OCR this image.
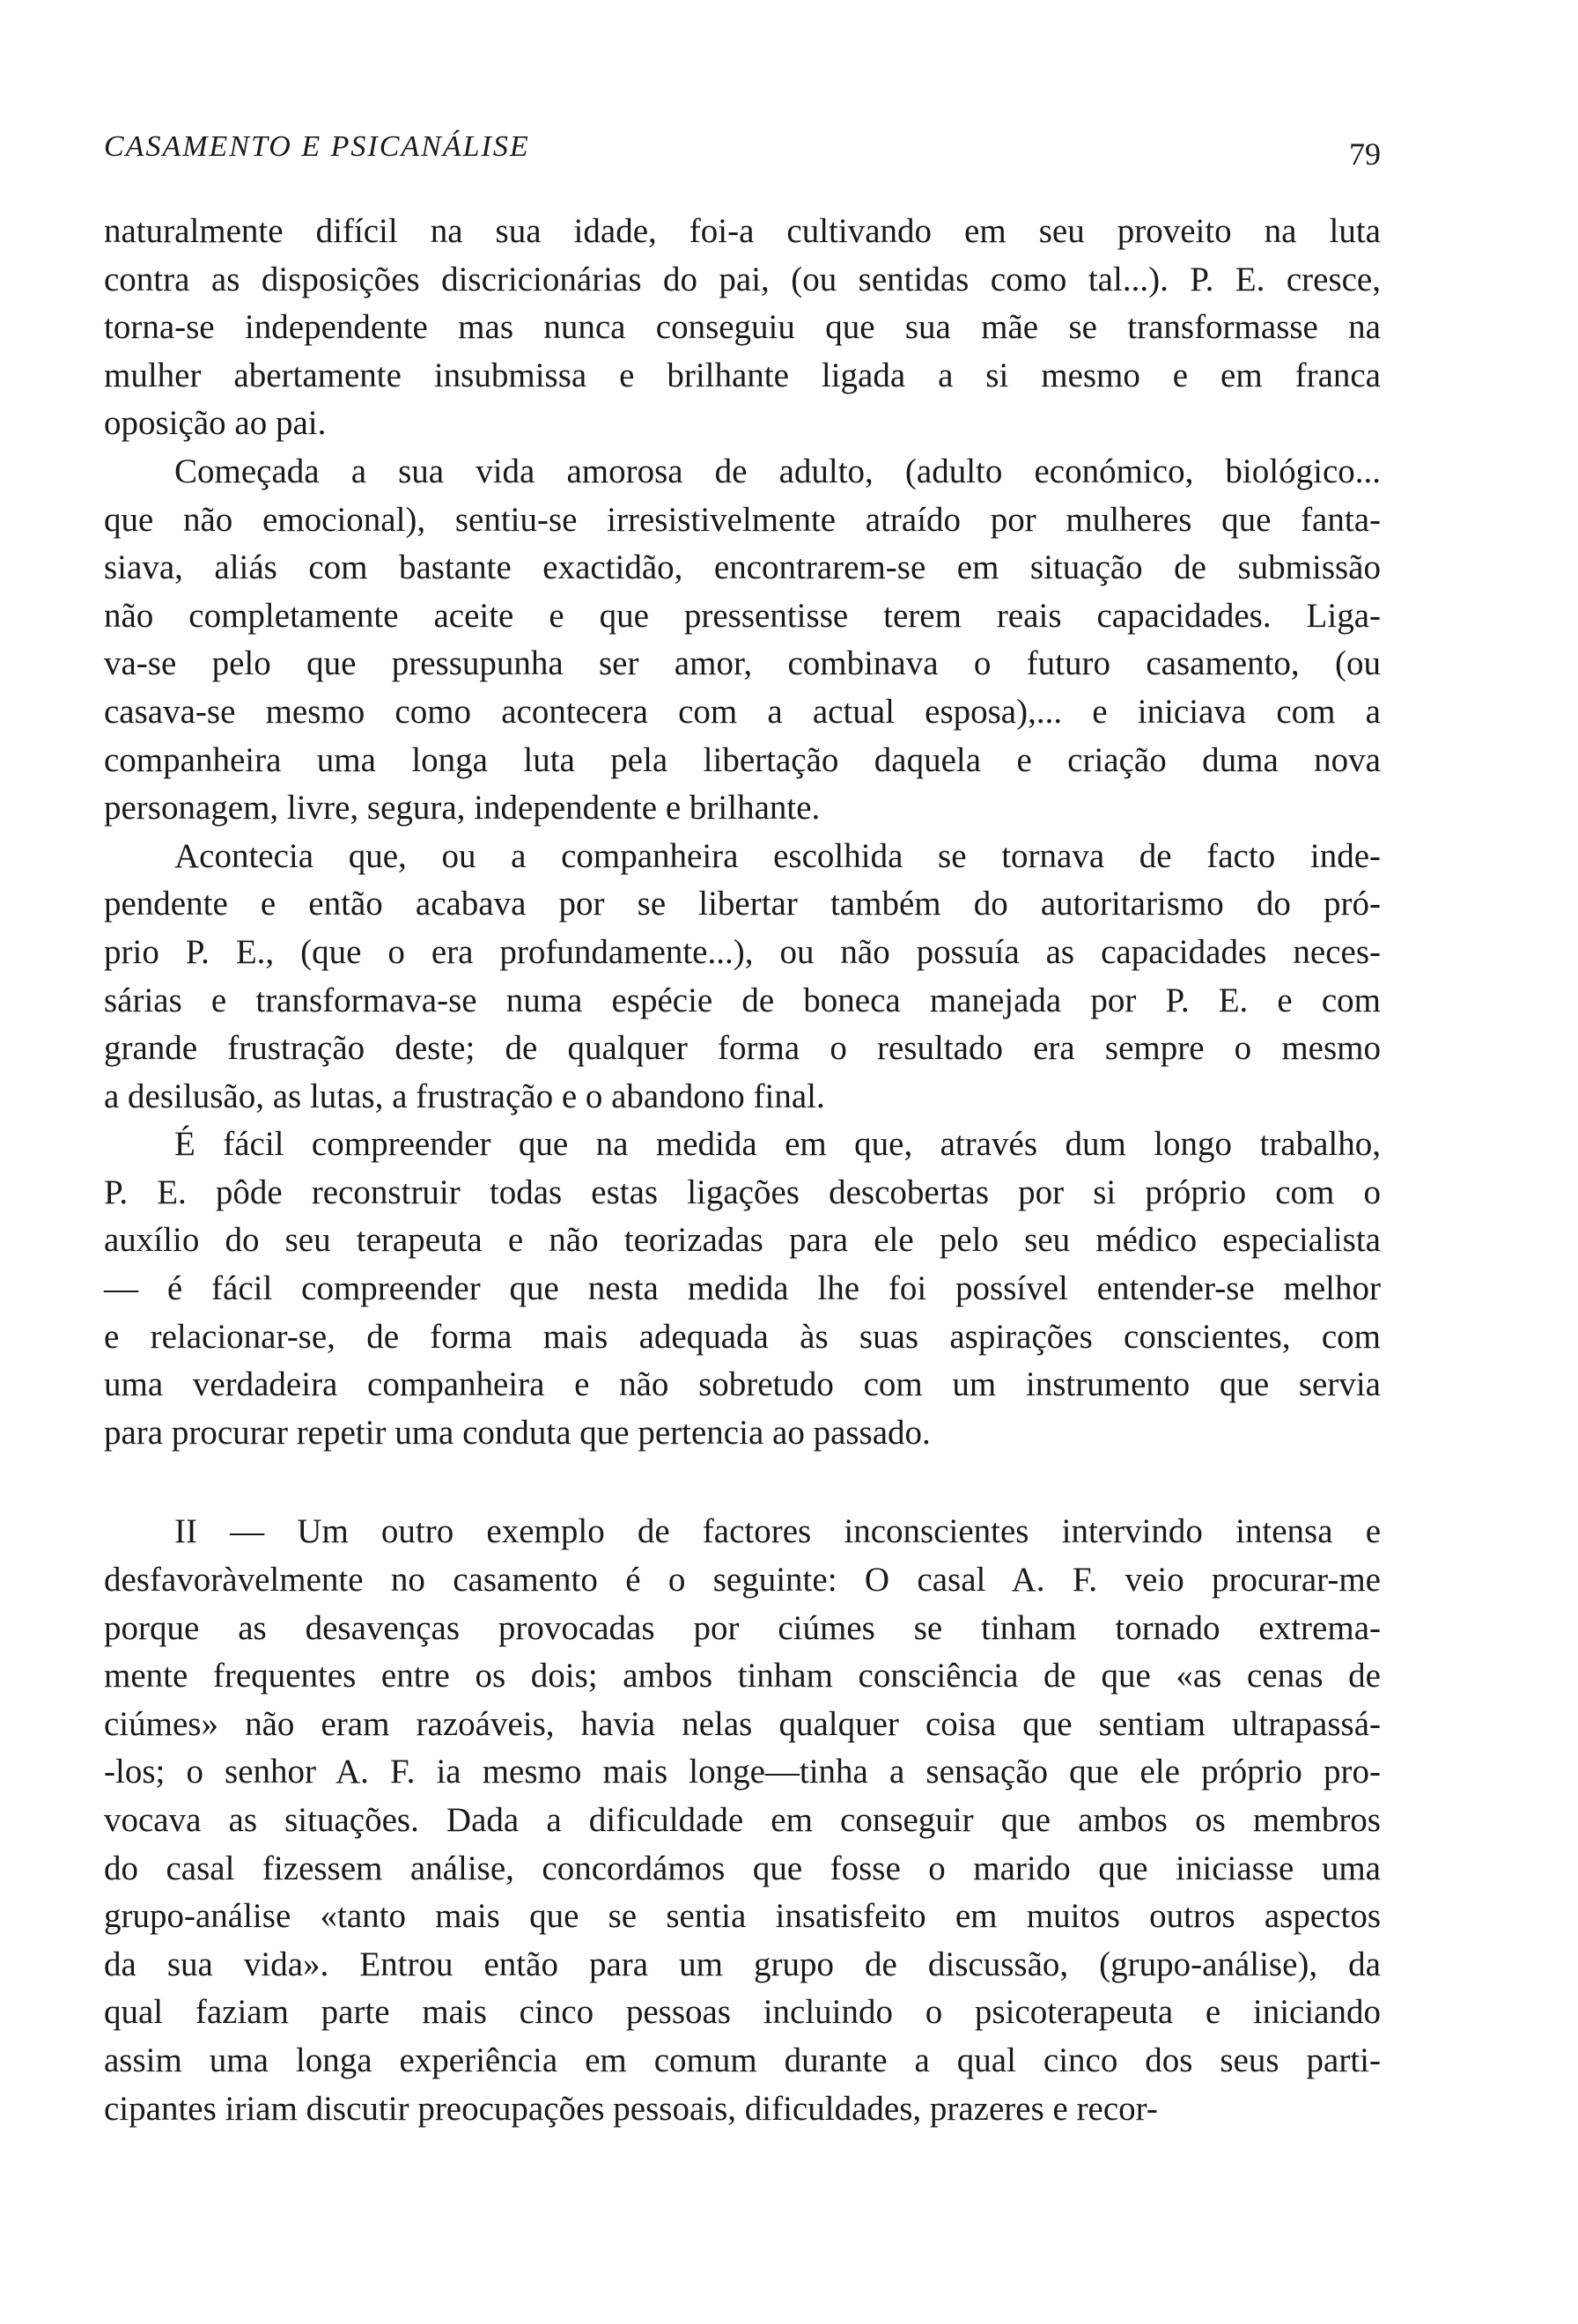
CASAMENTO E PSICANÁLISE	79
naturalmente difícil na sua idade, foi-a cultivando em seu proveito na luta
contra as disposições discricionárias do pai, (ou sentidas como tal...). P. E. cresce,
torna-se independente mas nunca conseguiu que sua mãe se transformasse na
mulher abertamente insubmissa e brilhante ligada a si mesmo e em franca
oposição ao pai.
Começada a sua vida amorosa de adulto, (adulto económico, biológico...
que não emocional), sentiu-se irresistivelmente atraído por mulheres que fanta-
siava, aliás com bastante exactidão, encontrarem-se em situação de submissão
não completamente aceite e que pressentisse terem reais capacidades. Liga-
va-se pelo que pressupunha ser amor, combinava o futuro casamento, (ou
casava-se mesmo como acontecera com a actual esposa),... e iniciava com a
companheira uma longa luta pela libertação daquela e criação duma nova
personagem, livre, segura, independente e brilhante.
Acontecia que, ou a companheira escolhida se tornava de facto inde-
pendente e então acabava por se libertar também do autoritarismo do pró-
prio P. E., (que o era profundamente...), ou não possuía as capacidades neces-
sárias e transformava-se numa espécie de boneca manejada por P. E. e com
grande frustração deste; de qualquer forma o resultado era sempre o mesmo
a desilusão, as lutas, a frustração e o abandono final.
É fácil compreender que na medida em que, através dum longo trabalho,
P. E. pôde reconstruir todas estas ligações descobertas por si próprio com o
auxílio do seu terapeuta e não teorizadas para ele pelo seu médico especialista
— é fácil compreender que nesta medida lhe foi possível entender-se melhor
e relacionar-se, de forma mais adequada às suas aspirações conscientes, com
uma verdadeira companheira e não sobretudo com um instrumento que servia
para procurar repetir uma conduta que pertencia ao passado.
II — Um outro exemplo de factores inconscientes intervindo intensa e
desfavoràvelmente no casamento é o seguinte: O casal A. F. veio procurar-me
porque as desavenças provocadas por ciúmes se tinham tornado extrema-
mente frequentes entre os dois; ambos tinham consciência de que «as cenas de
ciúmes» não eram razoáveis, havia nelas qualquer coisa que sentiam ultrapassá-
-los; o senhor A. F. ia mesmo mais longe—tinha a sensação que ele próprio pro-
vocava as situações. Dada a dificuldade em conseguir que ambos os membros
do casal fizessem análise, concordámos que fosse o marido que iniciasse uma
grupo-análise «tanto mais que se sentia insatisfeito em muitos outros aspectos
da sua vida». Entrou então para um grupo de discussão, (grupo-análise), da
qual faziam parte mais cinco pessoas incluindo o psicoterapeuta e iniciando
assim uma longa experiência em comum durante a qual cinco dos seus parti-
cipantes iriam discutir preocupações pessoais, dificuldades, prazeres e recor-
